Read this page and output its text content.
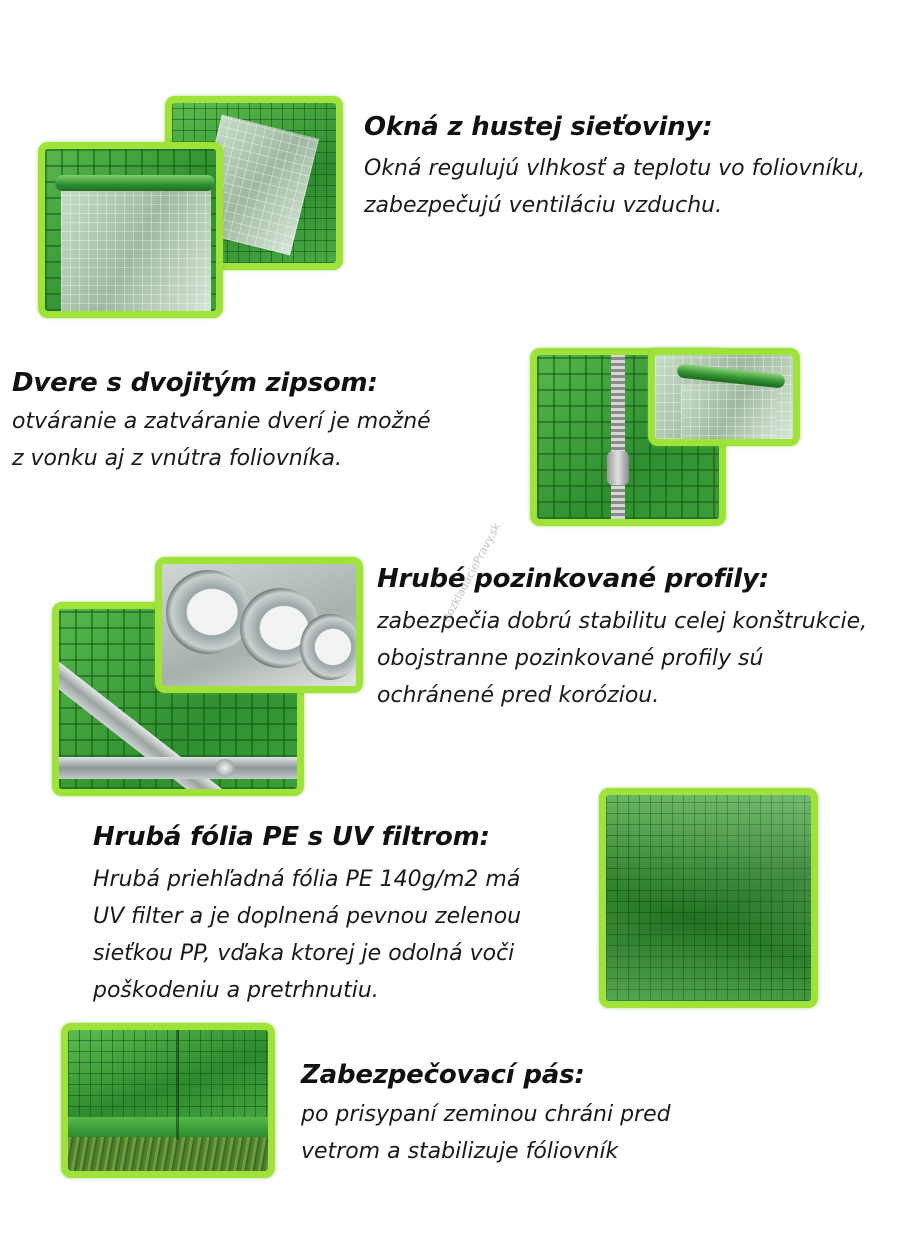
Okná z hustej sieťoviny:

Okná regulujú vlhkosť a teplotu vo foliovníku,
zabezpečujú ventiláciu vzduchu.

Dvere s dvojitým zipsom:

otváranie a zatváranie dverí je možné
z vonku aj z vnútra foliovníka.

Hrubé pozinkované profily:

zabezpečia dobrú stabilitu celej konštrukcie,
obojstranne pozinkované profily sú
ochránené pred koróziou.

RozkladaciePravy.sk
Hrubá fólia PE s UV filtrom:

Hrubá priehľadná fólia PE 140g/m2 má
UV filter a je doplnená pevnou zelenou
sieťkou PP, vďaka ktorej je odolná voči
poškodeniu a pretrhnutiu.

Zabezpečovací pás:

po prisypaní zeminou chráni pred
vetrom a stabilizuje fóliovník
